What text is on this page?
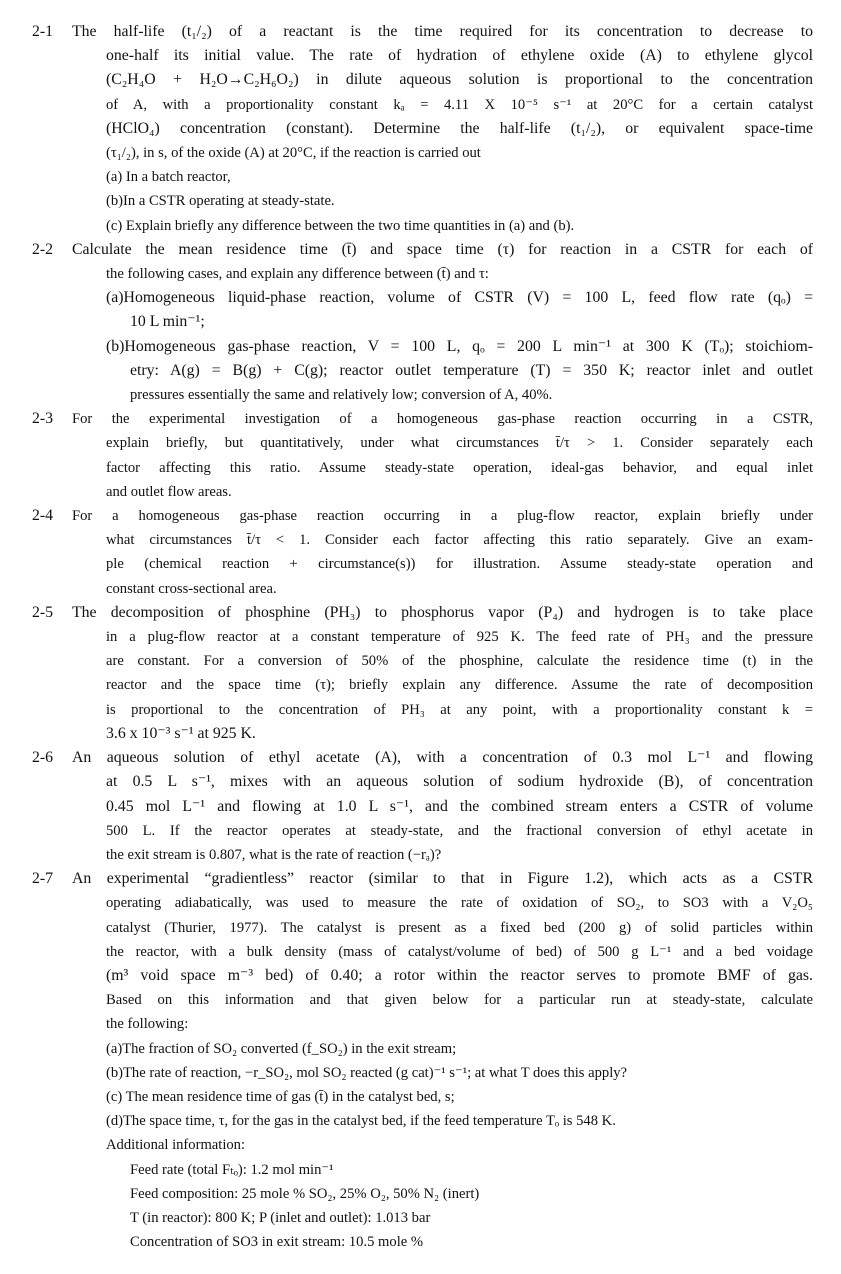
2-1 The half-life (t₁/₂) of a reactant is the time required for its concentration to decrease to
one-half its initial value. The rate of hydration of ethylene oxide (A) to ethylene glycol
(C₂H₄O + H₂O→C₂H₆O₂) in dilute aqueous solution is proportional to the concentration
of A, with a proportionality constant kₐ = 4.11 X 10⁻⁵ s⁻¹ at 20°C for a certain catalyst
(HClO₄) concentration (constant). Determine the half-life (t₁/₂), or equivalent space-time
(τ₁/₂), in s, of the oxide (A) at 20°C, if the reaction is carried out
(a) In a batch reactor,
(b)In a CSTR operating at steady-state.
(c) Explain briefly any difference between the two time quantities in (a) and (b).
2-2 Calculate the mean residence time (t̄) and space time (τ) for reaction in a CSTR for each of
the following cases, and explain any difference between (t̄) and τ:
(a)Homogeneous liquid-phase reaction, volume of CSTR (V) = 100 L, feed flow rate (qₒ) =
10 L min⁻¹;
(b)Homogeneous gas-phase reaction, V = 100 L, qₒ = 200 L min⁻¹ at 300 K (Tₒ); stoichiom-
etry: A(g) = B(g) + C(g); reactor outlet temperature (T) = 350 K; reactor inlet and outlet
pressures essentially the same and relatively low; conversion of A, 40%.
2-3 For the experimental investigation of a homogeneous gas-phase reaction occurring in a CSTR,
explain briefly, but quantitatively, under what circumstances t̄/τ > 1. Consider separately each
factor affecting this ratio. Assume steady-state operation, ideal-gas behavior, and equal inlet
and outlet flow areas.
2-4 For a homogeneous gas-phase reaction occurring in a plug-flow reactor, explain briefly under
what circumstances t̄/τ < 1. Consider each factor affecting this ratio separately. Give an exam-
ple (chemical reaction + circumstance(s)) for illustration. Assume steady-state operation and
constant cross-sectional area.
2-5 The decomposition of phosphine (PH₃) to phosphorus vapor (P₄) and hydrogen is to take place
in a plug-flow reactor at a constant temperature of 925 K. The feed rate of PH₃ and the pressure
are constant. For a conversion of 50% of the phosphine, calculate the residence time (t) in the
reactor and the space time (τ); briefly explain any difference. Assume the rate of decomposition
is proportional to the concentration of PH₃ at any point, with a proportionality constant k =
3.6 x 10⁻³ s⁻¹ at 925 K.
2-6 An aqueous solution of ethyl acetate (A), with a concentration of 0.3 mol L⁻¹ and flowing
at 0.5 L s⁻¹, mixes with an aqueous solution of sodium hydroxide (B), of concentration
0.45 mol L⁻¹ and flowing at 1.0 L s⁻¹, and the combined stream enters a CSTR of volume
500 L. If the reactor operates at steady-state, and the fractional conversion of ethyl acetate in
the exit stream is 0.807, what is the rate of reaction (−rₐ)?
2-7 An experimental “gradientless” reactor (similar to that in Figure 1.2), which acts as a CSTR
operating adiabatically, was used to measure the rate of oxidation of SO₂, to SO3 with a V₂O₅
catalyst (Thurier, 1977). The catalyst is present as a fixed bed (200 g) of solid particles within
the reactor, with a bulk density (mass of catalyst/volume of bed) of 500 g L⁻¹ and a bed voidage
(m³ void space m⁻³ bed) of 0.40; a rotor within the reactor serves to promote BMF of gas.
Based on this information and that given below for a particular run at steady-state, calculate
the following:
(a)The fraction of SO₂ converted (f_SO₂) in the exit stream;
(b)The rate of reaction, −r_SO₂, mol SO₂ reacted (g cat)⁻¹ s⁻¹; at what T does this apply?
(c) The mean residence time of gas (t̄) in the catalyst bed, s;
(d)The space time, τ, for the gas in the catalyst bed, if the feed temperature Tₒ is 548 K.
Additional information:
Feed rate (total Fₜₒ): 1.2 mol min⁻¹
Feed composition: 25 mole % SO₂, 25% O₂, 50% N₂ (inert)
T (in reactor): 800 K; P (inlet and outlet): 1.013 bar
Concentration of SO3 in exit stream: 10.5 mole %
